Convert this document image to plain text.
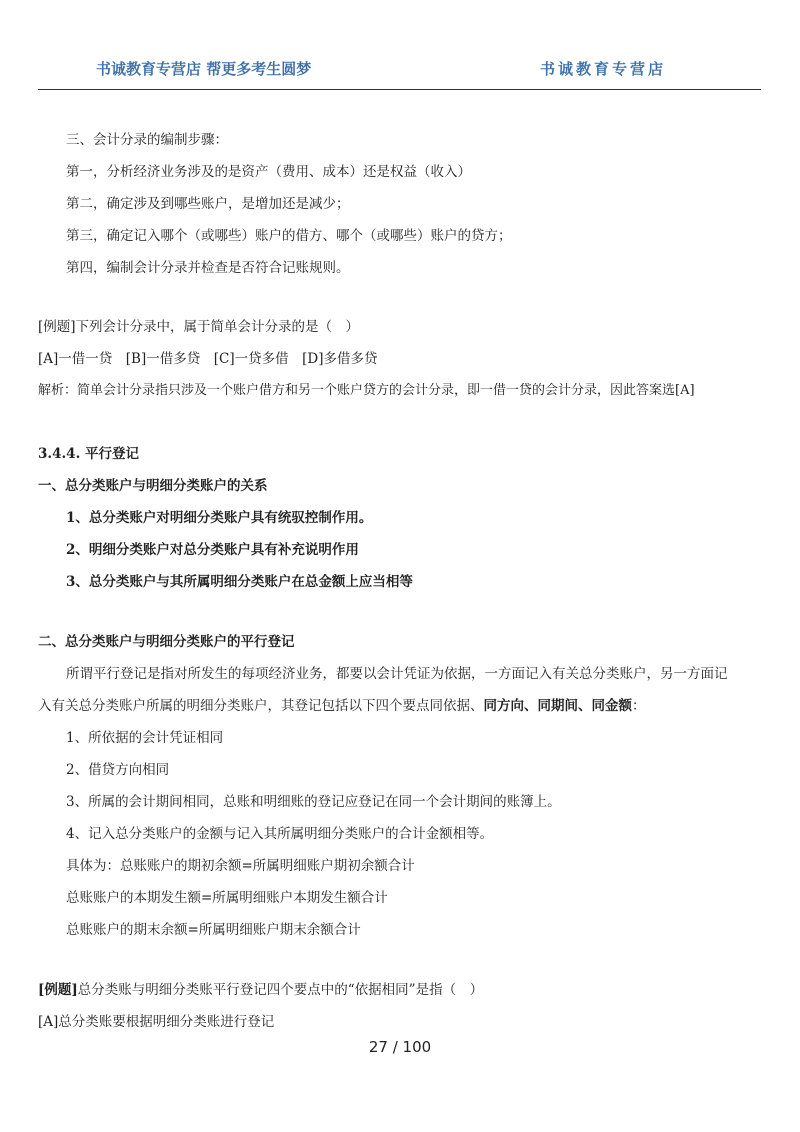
书诚教育专营店 帮更多考生圆梦	书诚教育专营店
三、会计分录的编制步骤：
第一，分析经济业务涉及的是资产（费用、成本）还是权益（收入）
第二，确定涉及到哪些账户，是增加还是减少；
第三，确定记入哪个（或哪些）账户的借方、哪个（或哪些）账户的贷方；
第四，编制会计分录并检查是否符合记账规则。
[例题]下列会计分录中，属于简单会计分录的是（　）
[A]一借一贷　[B]一借多贷　[C]一贷多借　[D]多借多贷
解析：简单会计分录指只涉及一个账户借方和另一个账户贷方的会计分录，即一借一贷的会计分录，因此答案选[A]
3.4.4. 平行登记
一、总分类账户与明细分类账户的关系
1、总分类账户对明细分类账户具有统驭控制作用。
2、明细分类账户对总分类账户具有补充说明作用
3、总分类账户与其所属明细分类账户在总金额上应当相等
二、总分类账户与明细分类账户的平行登记
所谓平行登记是指对所发生的每项经济业务，都要以会计凭证为依据，一方面记入有关总分类账户，另一方面记
入有关总分类账户所属的明细分类账户，其登记包括以下四个要点同依据、同方向、同期间、同金额：
1、所依据的会计凭证相同
2、借贷方向相同
3、所属的会计期间相同，总账和明细账的登记应登记在同一个会计期间的账簿上。
4、记入总分类账户的金额与记入其所属明细分类账户的合计金额相等。
具体为：总账账户的期初余额=所属明细账户期初余额合计
总账账户的本期发生额=所属明细账户本期发生额合计
总账账户的期末余额=所属明细账户期末余额合计
[例题]总分类账与明细分类账平行登记四个要点中的“依据相同”是指（　）
[A]总分类账要根据明细分类账进行登记
27 / 100
